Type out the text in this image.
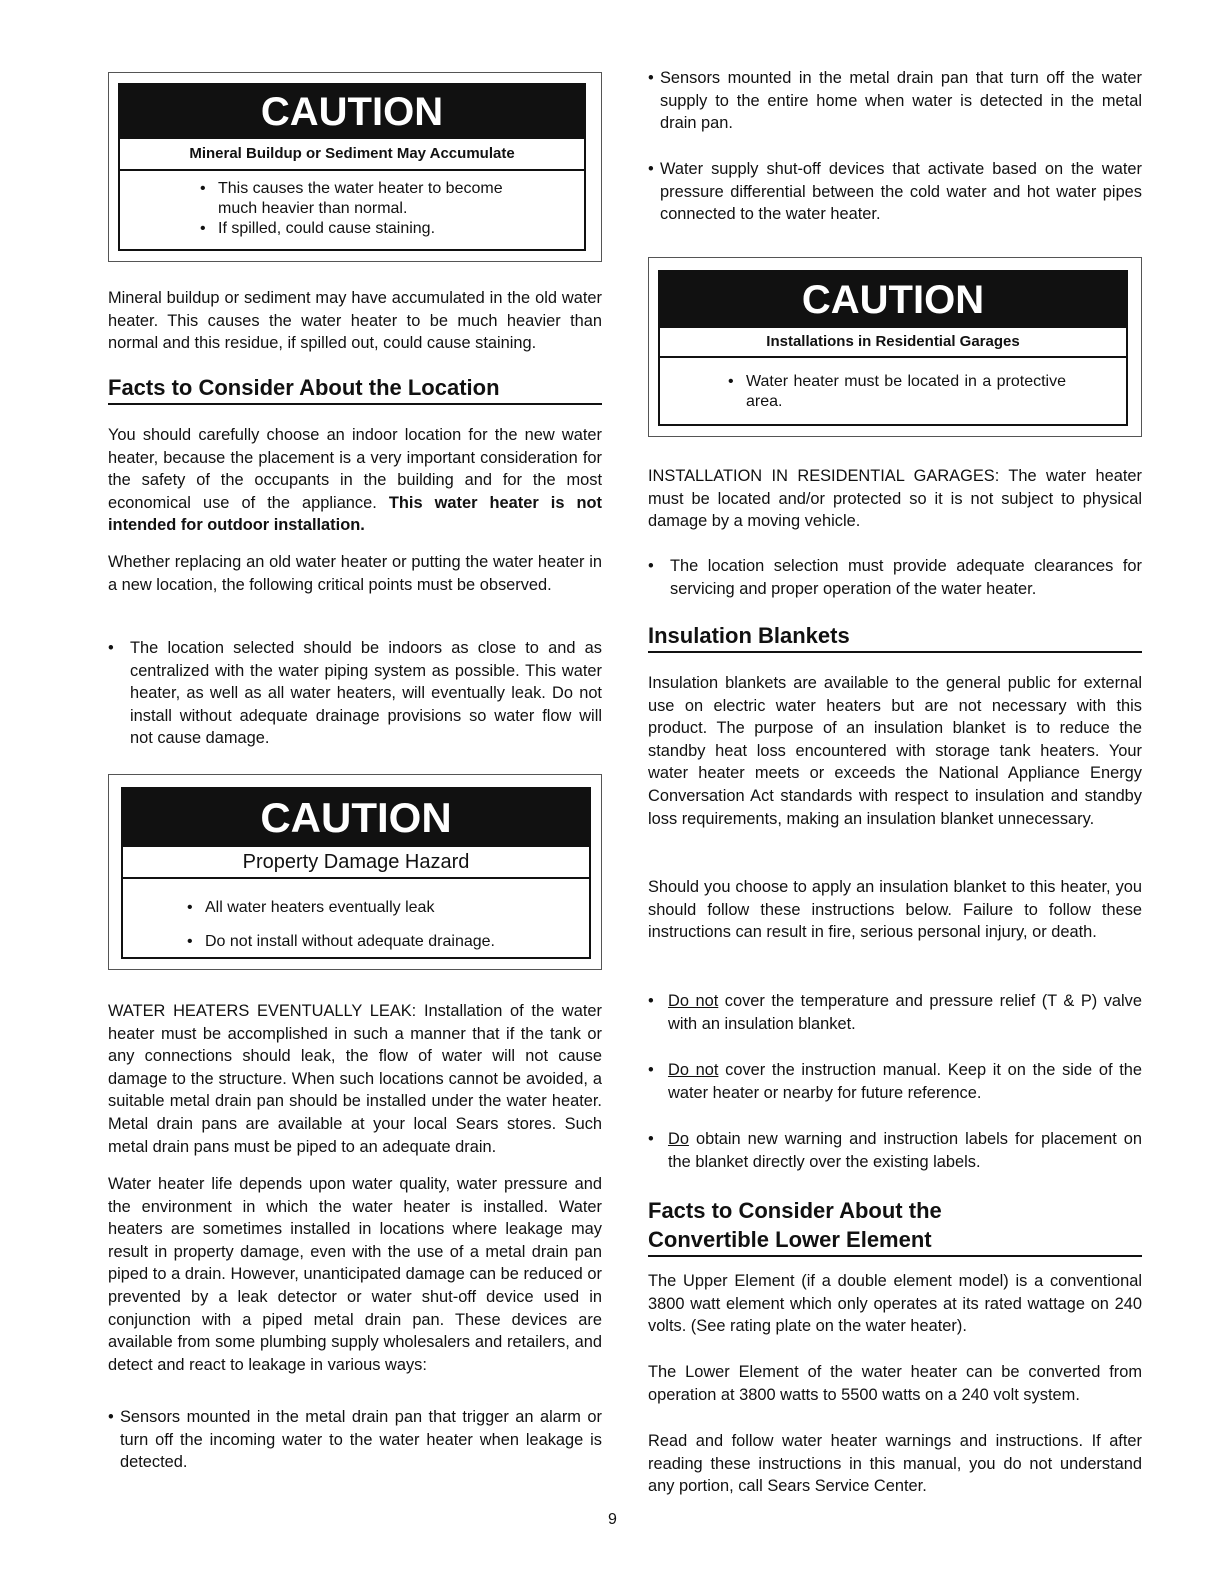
CAUTION
Mineral Buildup or Sediment May Accumulate
• This causes the water heater to become much heavier than normal.
• If spilled, could cause staining.

Mineral buildup or sediment may have accumulated in the old water heater. This causes the water heater to be much heavier than normal and this residue, if spilled out, could cause staining.

Facts to Consider About the Location

You should carefully choose an indoor location for the new water heater, because the placement is a very important consideration for the safety of the occupants in the building and for the most economical use of the appliance. This water heater is not intended for outdoor installation.

Whether replacing an old water heater or putting the water heater in a new location, the following critical points must be observed.

• The location selected should be indoors as close to and as centralized with the water piping system as possible. This water heater, as well as all water heaters, will eventually leak. Do not install without adequate drainage provisions so water flow will not cause damage.
CAUTION
Property Damage Hazard
• All water heaters eventually leak
• Do not install without adequate drainage.

WATER HEATERS EVENTUALLY LEAK: Installation of the water heater must be accomplished in such a manner that if the tank or any connections should leak, the flow of water will not cause damage to the structure. When such locations cannot be avoided, a suitable metal drain pan should be installed under the water heater. Metal drain pans are available at your local Sears stores. Such metal drain pans must be piped to an adequate drain.

Water heater life depends upon water quality, water pressure and the environment in which the water heater is installed. Water heaters are sometimes installed in locations where leakage may result in property damage, even with the use of a metal drain pan piped to a drain. However, unanticipated damage can be reduced or prevented by a leak detector or water shut-off device used in conjunction with a piped metal drain pan. These devices are available from some plumbing supply wholesalers and retailers, and detect and react to leakage in various ways:

• Sensors mounted in the metal drain pan that trigger an alarm or turn off the incoming water to the water heater when leakage is detected.
• Sensors mounted in the metal drain pan that turn off the water supply to the entire home when water is detected in the metal drain pan.
• Water supply shut-off devices that activate based on the water pressure differential between the cold water and hot water pipes connected to the water heater.
CAUTION
Installations in Residential Garages
• Water heater must be located in a protective area.

INSTALLATION IN RESIDENTIAL GARAGES: The water heater must be located and/or protected so it is not subject to physical damage by a moving vehicle.

• The location selection must provide adequate clearances for servicing and proper operation of the water heater.
Insulation Blankets

Insulation blankets are available to the general public for external use on electric water heaters but are not necessary with this product. The purpose of an insulation blanket is to reduce the standby heat loss encountered with storage tank heaters. Your water heater meets or exceeds the National Appliance Energy Conversation Act standards with respect to insulation and standby loss requirements, making an insulation blanket unnecessary.

Should you choose to apply an insulation blanket to this heater, you should follow these instructions below. Failure to follow these instructions can result in fire, serious personal injury, or death.

• Do not cover the temperature and pressure relief (T & P) valve with an insulation blanket.
• Do not cover the instruction manual. Keep it on the side of the water heater or nearby for future reference.
• Do obtain new warning and instruction labels for placement on the blanket directly over the existing labels.
Facts to Consider About the
Convertible Lower Element

The Upper Element (if a double element model) is a conventional 3800 watt element which only operates at its rated wattage on 240 volts. (See rating plate on the water heater).

The Lower Element of the water heater can be converted from operation at 3800 watts to 5500 watts on a 240 volt system.

Read and follow water heater warnings and instructions. If after reading these instructions in this manual, you do not understand any portion, call Sears Service Center.

9
